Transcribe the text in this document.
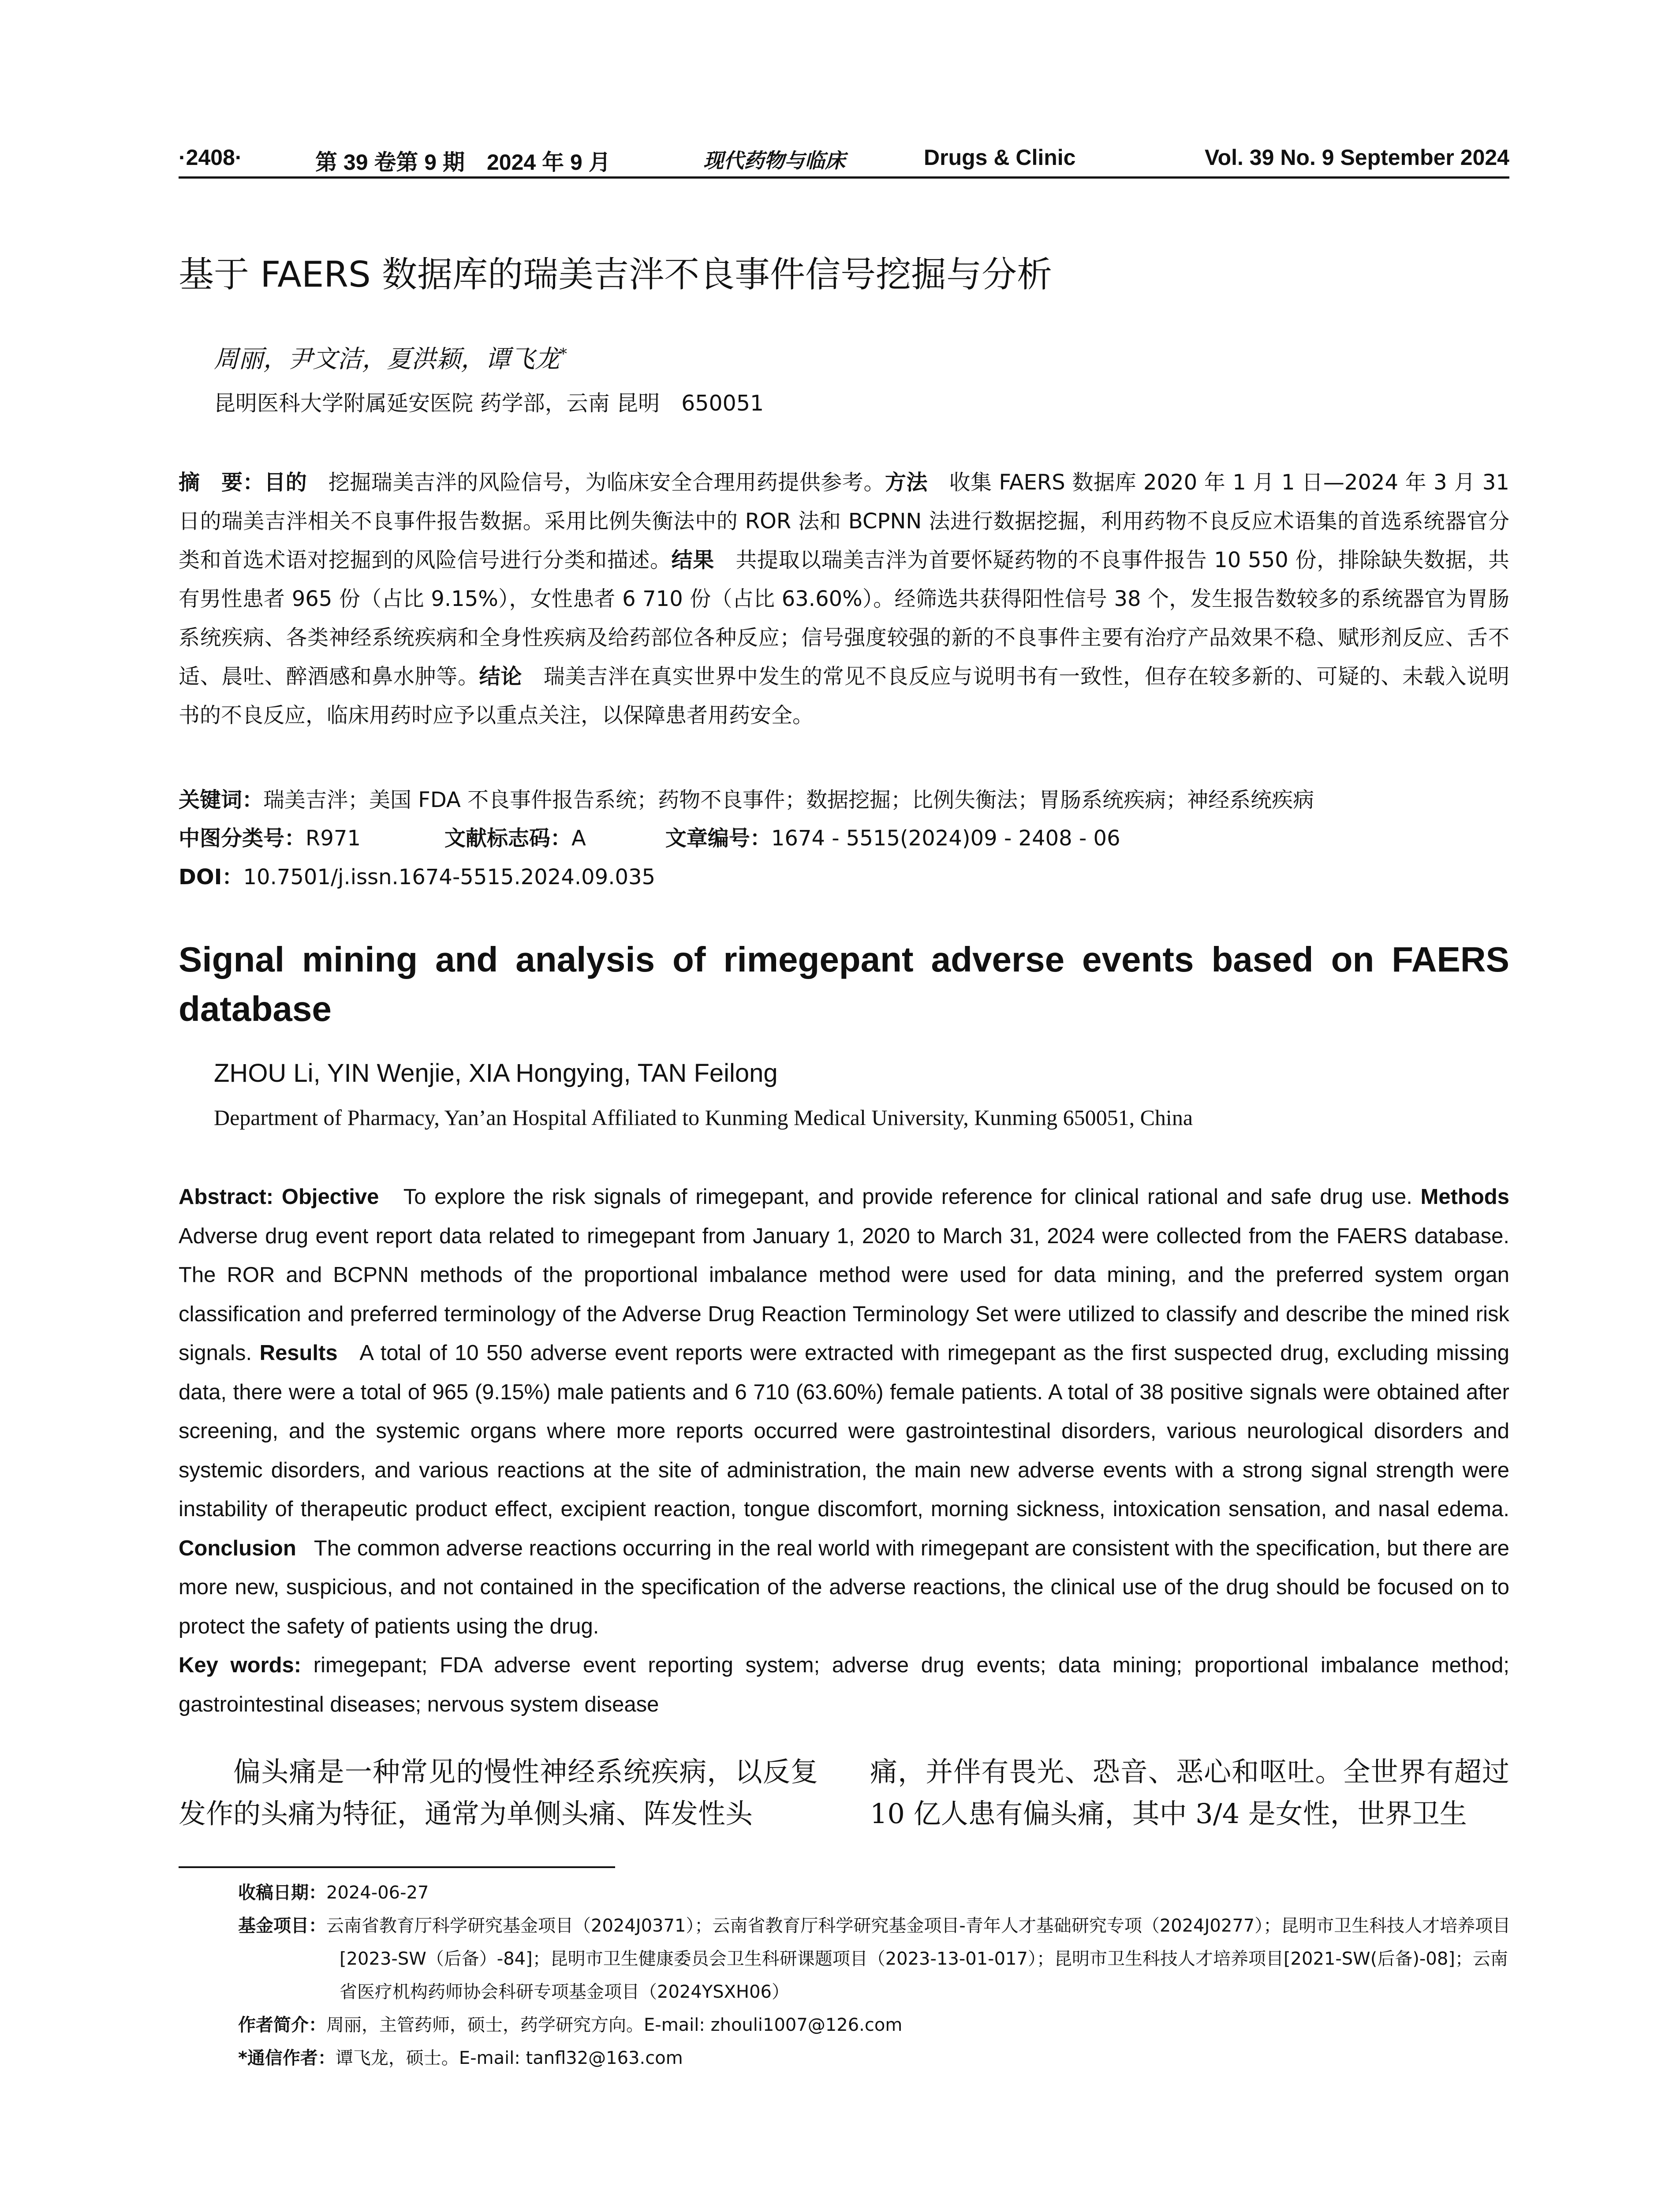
·2408·	第 39 卷第 9 期　2024 年 9 月	现代药物与临床	Drugs & Clinic	Vol. 39 No. 9 September 2024
基于 FAERS 数据库的瑞美吉泮不良事件信号挖掘与分析
周丽，尹文洁，夏洪颖，谭飞龙*
昆明医科大学附属延安医院 药学部，云南 昆明　650051
摘　要：目的　 挖掘瑞美吉泮的风险信号，为临床安全合理用药提供参考。方法　 收集 FAERS 数据库 2020 年 1 月 1 日—2024 年 3 月 31 日的瑞美吉泮相关不良事件报告数据。采用比例失衡法中的 ROR 法和 BCPNN 法进行数据挖掘，利用药物不良反应术语集的首选系统器官分类和首选术语对挖掘到的风险信号进行分类和描述。结果　 共提取以瑞美吉泮为首要怀疑药物的不良事件报告 10 550 份，排除缺失数据，共有男性患者 965 份（占比 9.15%），女性患者 6 710 份（占比 63.60%）。经筛选共获得阳性信号 38 个，发生报告数较多的系统器官为胃肠系统疾病、各类神经系统疾病和全身性疾病及给药部位各种反应；信号强度较强的新的不良事件主要有治疗产品效果不稳、赋形剂反应、舌不适、晨吐、醉酒感和鼻水肿等。结论　 瑞美吉泮在真实世界中发生的常见不良反应与说明书有一致性，但存在较多新的、可疑的、未载入说明书的不良反应，临床用药时应予以重点关注，以保障患者用药安全。
关键词：瑞美吉泮；美国 FDA 不良事件报告系统；药物不良事件；数据挖掘；比例失衡法；胃肠系统疾病；神经系统疾病
中图分类号：R971	文献标志码：A	文章编号：1674 - 5515(2024)09 - 2408 - 06
DOI：10.7501/j.issn.1674-5515.2024.09.035
Signal mining and analysis of rimegepant adverse events based on FAERS database
ZHOU Li, YIN Wenjie, XIA Hongying, TAN Feilong
Department of Pharmacy, Yan’an Hospital Affiliated to Kunming Medical University, Kunming 650051, China
Abstract: Objective To explore the risk signals of rimegepant, and provide reference for clinical rational and safe drug use. Methods Adverse drug event report data related to rimegepant from January 1, 2020 to March 31, 2024 were collected from the FAERS database. The ROR and BCPNN methods of the proportional imbalance method were used for data mining, and the preferred system organ classification and preferred terminology of the Adverse Drug Reaction Terminology Set were utilized to classify and describe the mined risk signals. Results A total of 10 550 adverse event reports were extracted with rimegepant as the first suspected drug, excluding missing data, there were a total of 965 (9.15%) male patients and 6 710 (63.60%) female patients. A total of 38 positive signals were obtained after screening, and the systemic organs where more reports occurred were gastrointestinal disorders, various neurological disorders and systemic disorders, and various reactions at the site of administration, the main new adverse events with a strong signal strength were instability of therapeutic product effect, excipient reaction, tongue discomfort, morning sickness, intoxication sensation, and nasal edema. Conclusion The common adverse reactions occurring in the real world with rimegepant are consistent with the specification, but there are more new, suspicious, and not contained in the specification of the adverse reactions, the clinical use of the drug should be focused on to protect the safety of patients using the drug.
Key words: rimegepant; FDA adverse event reporting system; adverse drug events; data mining; proportional imbalance method; gastrointestinal diseases; nervous system disease
偏头痛是一种常见的慢性神经系统疾病，以反复发作的头痛为特征，通常为单侧头痛、阵发性头
痛，并伴有畏光、恐音、恶心和呕吐。全世界有超过 10 亿人患有偏头痛，其中 3/4 是女性，世界卫生
收稿日期：2024-06-27
基金项目：云南省教育厅科学研究基金项目（2024J0371）；云南省教育厅科学研究基金项目-青年人才基础研究专项（2024J0277）；昆明市卫生科技人才培养项目[2023-SW（后备）-84]；昆明市卫生健康委员会卫生科研课题项目（2023-13-01-017）；昆明市卫生科技人才培养项目[2021-SW(后备)-08]；云南省医疗机构药师协会科研专项基金项目（2024YSXH06）
作者简介：周丽，主管药师，硕士，药学研究方向。E-mail: zhouli1007@126.com
*通信作者：谭飞龙，硕士。E-mail: tanfl32@163.com
